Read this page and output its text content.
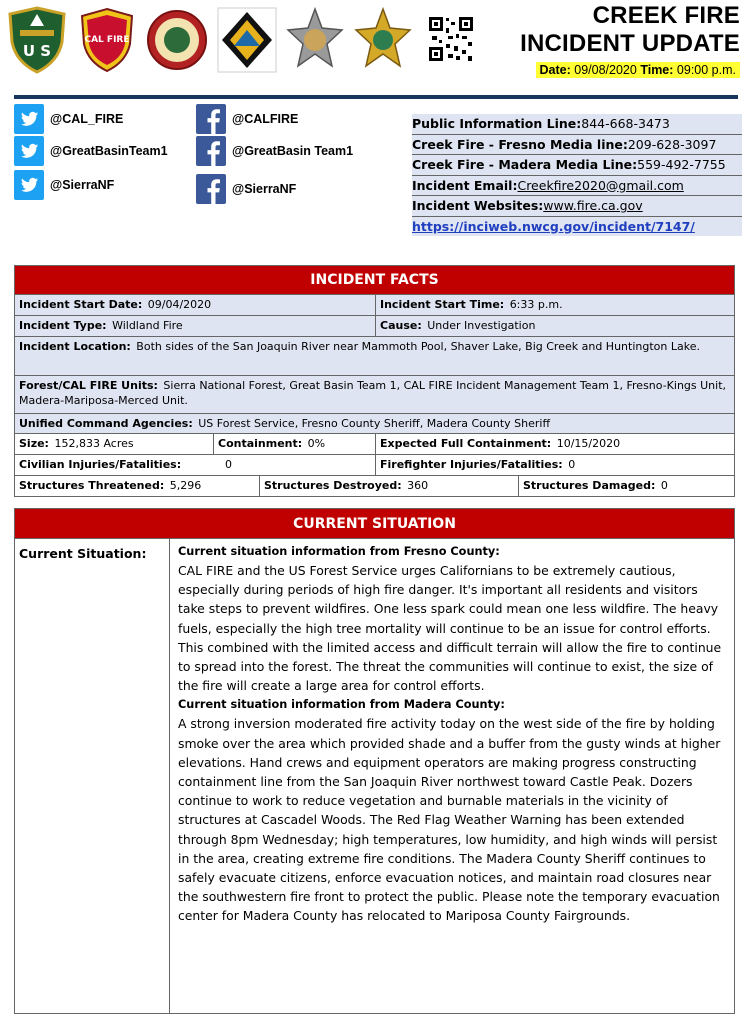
U S
CAL FIRE
CREEK FIRE
INCIDENT UPDATE
Date: 09/08/2020 Time: 09:00 p.m.
@CAL_FIRE
@GreatBasinTeam1
@SierraNF
@CALFIRE
@GreatBasin Team1
@SierraNF
Public Information Line: 844-668-3473
Creek Fire - Fresno Media line: 209-628-3097
Creek Fire - Madera Media Line: 559-492-7755
Incident Email: Creekfire2020@gmail.com
Incident Websites: www.fire.ca.gov
https://inciweb.nwcg.gov/incident/7147/
INCIDENT FACTS
Incident Start Date: 09/04/2020	Incident Start Time: 6:33 p.m.
Incident Type: Wildland Fire	Cause: Under Investigation
Incident Location: Both sides of the San Joaquin River near Mammoth Pool, Shaver Lake, Big Creek and Huntington Lake.
Forest/CAL FIRE Units: Sierra National Forest, Great Basin Team 1, CAL FIRE Incident Management Team 1, Fresno-Kings Unit, Madera-Mariposa-Merced Unit.
Unified Command Agencies: US Forest Service, Fresno County Sheriff, Madera County Sheriff
Size: 152,833 Acres	Containment: 0%	Expected Full Containment: 10/15/2020
Civilian Injuries/Fatalities:	0	Firefighter Injuries/Fatalities: 0
Structures Threatened: 5,296	Structures Destroyed: 360	Structures Damaged: 0
CURRENT SITUATION
Current Situation:	Current situation information from Fresno County:

CAL FIRE and the US Forest Service urges Californians to be extremely cautious, especially during periods of high fire danger. It's important all residents and visitors take steps to prevent wildfires. One less spark could mean one less wildfire. The heavy fuels, especially the high tree mortality will continue to be an issue for control efforts. This combined with the limited access and difficult terrain will allow the fire to continue to spread into the forest. The threat the communities will continue to exist, the size of the fire will create a large area for control efforts.

Current situation information from Madera County:

A strong inversion moderated fire activity today on the west side of the fire by holding smoke over the area which provided shade and a buffer from the gusty winds at higher elevations. Hand crews and equipment operators are making progress constructing containment line from the San Joaquin River northwest toward Castle Peak. Dozers continue to work to reduce vegetation and burnable materials in the vicinity of structures at Cascadel Woods. The Red Flag Weather Warning has been extended through 8pm Wednesday; high temperatures, low humidity, and high winds will persist in the area, creating extreme fire conditions. The Madera County Sheriff continues to safely evacuate citizens, enforce evacuation notices, and maintain road closures near the southwestern fire front to protect the public. Please note the temporary evacuation center for Madera County has relocated to Mariposa County Fairgrounds.
